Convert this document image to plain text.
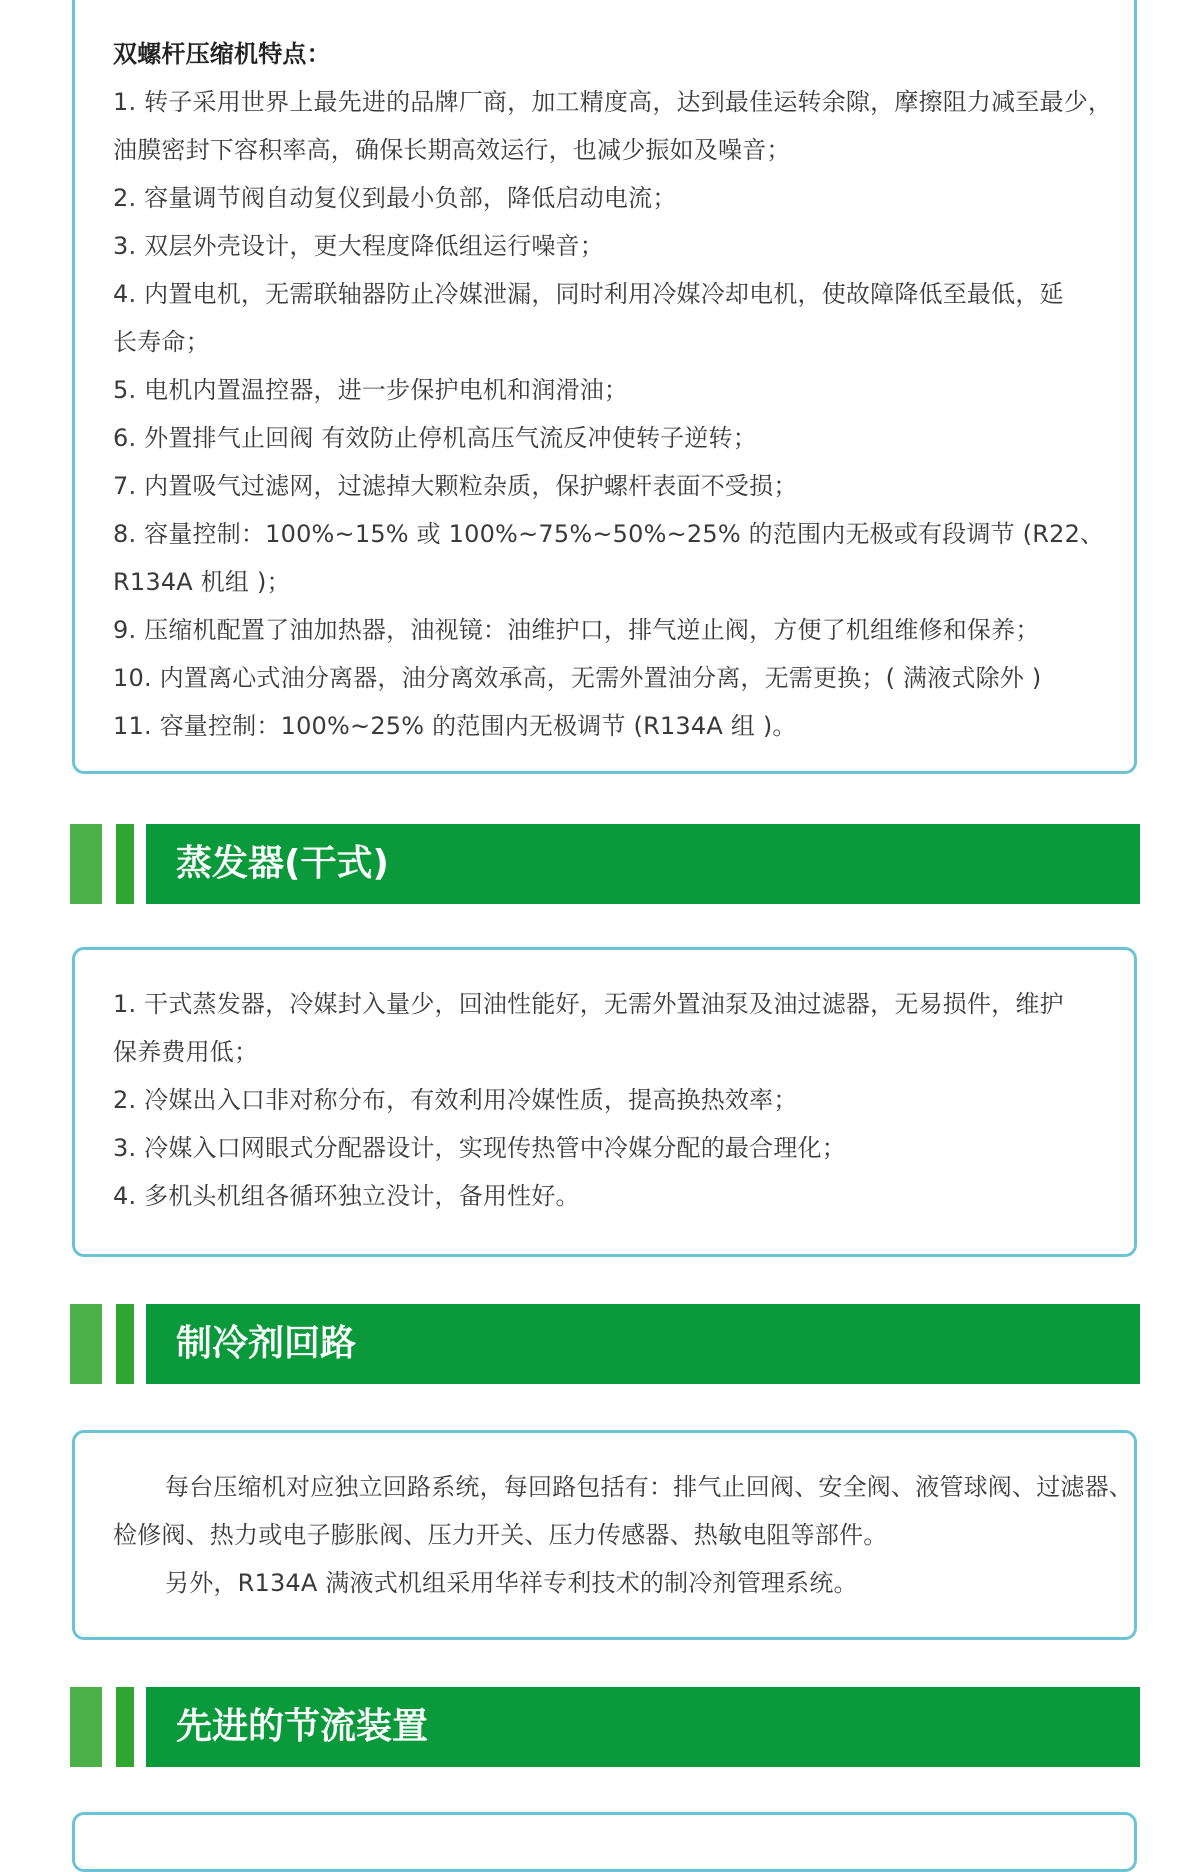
双螺杆压缩机特点：
1. 转子采用世界上最先进的品牌厂商，加工精度高，达到最佳运转余隙，摩擦阻力减至最少，
油膜密封下容积率高，确保长期高效运行，也减少振如及噪音；
2. 容量调节阀自动复仪到最小负部，降低启动电流；
3. 双层外壳设计，更大程度降低组运行噪音；
4. 内置电机，无需联轴器防止冷媒泄漏，同时利用冷媒冷却电机，使故障降低至最低，延
长寿命；
5. 电机内置温控器，进一步保护电机和润滑油；
6. 外置排气止回阀 有效防止停机高压气流反冲使转子逆转；
7. 内置吸气过滤网，过滤掉大颗粒杂质，保护螺杆表面不受损；
8. 容量控制：100%~15% 或 100%~75%~50%~25% 的范围内无极或有段调节 (R22、
R134A 机组 )；
9. 压缩机配置了油加热器，油视镜：油维护口，排气逆止阀，方便了机组维修和保养；
10. 内置离心式油分离器，油分离效承高，无需外置油分离，无需更换；( 满液式除外 )
11. 容量控制：100%~25% 的范围内无极调节 (R134A 组 )。
蒸发器(干式)
1. 干式蒸发器，冷媒封入量少，回油性能好，无需外置油泵及油过滤器，无易损件，维护
保养费用低；
2. 冷媒出入口非对称分布，有效利用冷媒性质，提高换热效率；
3. 冷媒入口网眼式分配器设计，实现传热管中冷媒分配的最合理化；
4. 多机头机组各循环独立没计，备用性好。
制冷剂回路
每台压缩机对应独立回路系统，每回路包括有：排气止回阀、安全阀、液管球阀、过滤器、
检修阀、热力或电子膨胀阀、压力开关、压力传感器、热敏电阻等部件。
另外，R134A 满液式机组采用华祥专利技术的制冷剂管理系统。
先进的节流装置
